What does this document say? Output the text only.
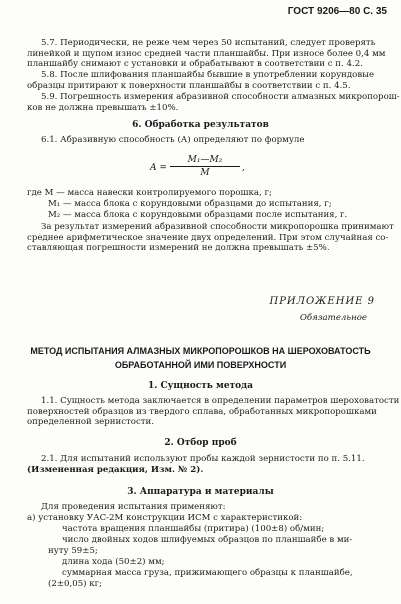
ГОСТ 9206—80 С. 35
5.7. Периодически, не реже чем через 50 испытаний, следует проверять
линейкой и щупом износ средней части планшайбы. При износе более 0,4 мм
планшайбу снимают с установки и обрабатывают в соответствии с п. 4.2.
5.8. После шлифования планшайбы бывшие в употреблении корундовые
образцы притирают к поверхности планшайбы в соответствии с п. 4.5.
5.9. Погрешность измерения абразивной способности алмазных микропорош-
ков не должна превышать ±10%.
6. Обработка результатов
6.1. Абразивную способность (А) определяют по формуле
$A = \frac{\text{M₁—M₂}}{M}$ ,
где M — масса навески контролируемого порошка, г;
M₁ — масса блока с корундовыми образцами до испытания, г;
M₂ — масса блока с корундовыми образцами после испытания, г.
За результат измерений абразивной способности микропорошка принимают
среднее арифметическое значение двух определений. При этом случайная со-
ставляющая погрешности измерений не должна превышать ±5%.
ПРИЛОЖЕНИЕ 9
Обязательное
МЕТОД ИСПЫТАНИЯ АЛМАЗНЫХ МИКРОПОРОШКОВ НА ШЕРОХОВАТОСТЬ
ОБРАБОТАННОЙ ИМИ ПОВЕРХНОСТИ
1. Сущность метода
1.1. Сущность метода заключается в определении параметров шероховатости
поверхностей образцов из твердого сплава, обработанных микропорошками
определенной зернистости.
2. Отбор проб
2.1. Для испытаний используют пробы каждой зернистости по п. 5.11.
(Измененная редакция, Изм. № 2).
3. Аппаратура и материалы
Для проведения испытания применяют:
а) установку УАС-2М конструкции ИСМ с характеристикой:
частота вращения планшайбы (притира) (100±8) об/мин;
число двойных ходов шлифуемых образцов по планшайбе в ми-
нуту 59±5;
длина хода (50±2) мм;
суммарная масса груза, прижимающего образцы к планшайбе,
(2±0,05) кг;
